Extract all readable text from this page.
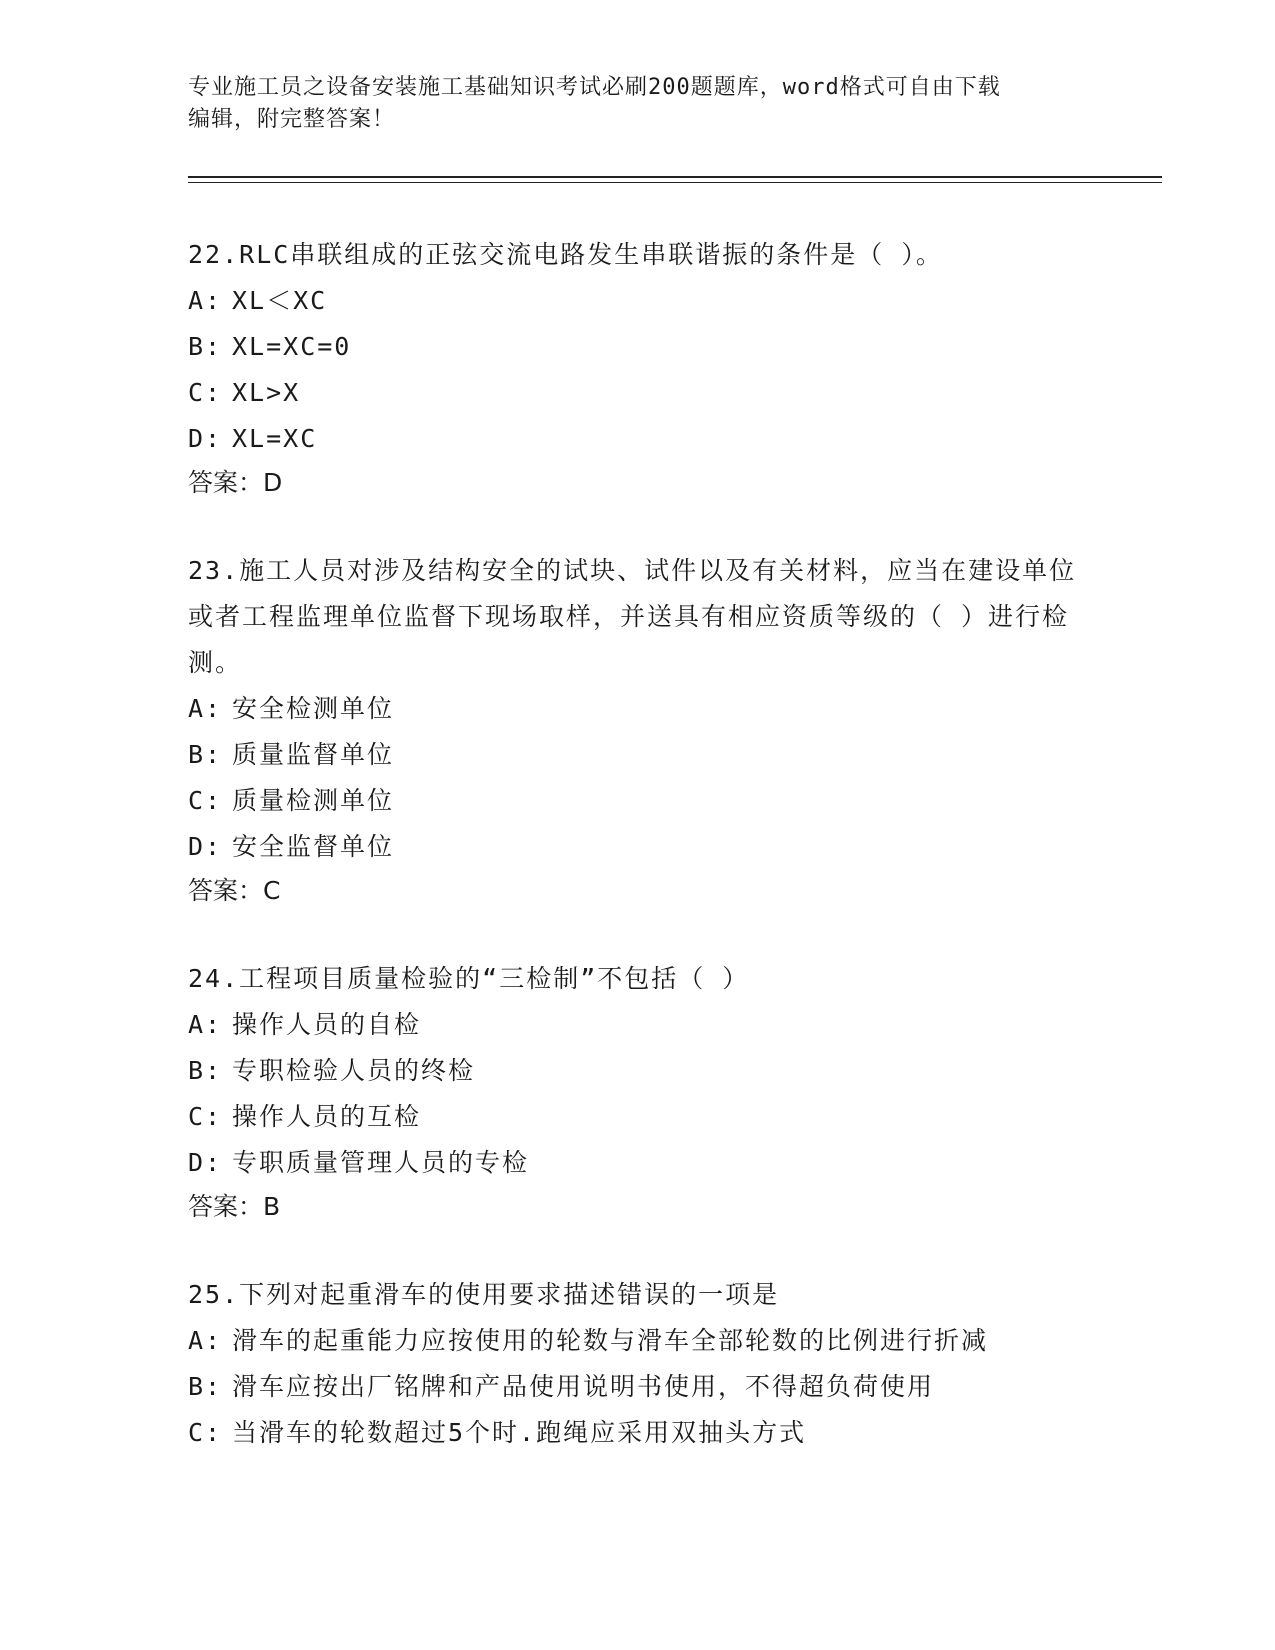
专业施工员之设备安装施工基础知识考试必刷200题题库，word格式可自由下载
编辑，附完整答案！

22.RLC串联组成的正弦交流电路发生串联谐振的条件是（ ）。

A: XL＜XC

B: XL=XC=0

C: XL>X

D: XL=XC

答案：D

23.施工人员对涉及结构安全的试块、试件以及有关材料，应当在建设单位或者工程监理单位监督下现场取样，并送具有相应资质等级的（ ）进行检测。

A: 安全检测单位

B: 质量监督单位

C: 质量检测单位

D: 安全监督单位

答案：C

24.工程项目质量检验的“三检制”不包括（ ）

A: 操作人员的自检

B: 专职检验人员的终检

C: 操作人员的互检

D: 专职质量管理人员的专检

答案：B

25.下列对起重滑车的使用要求描述错误的一项是

A: 滑车的起重能力应按使用的轮数与滑车全部轮数的比例进行折减

B: 滑车应按出厂铭牌和产品使用说明书使用，不得超负荷使用

C: 当滑车的轮数超过5个时.跑绳应采用双抽头方式
